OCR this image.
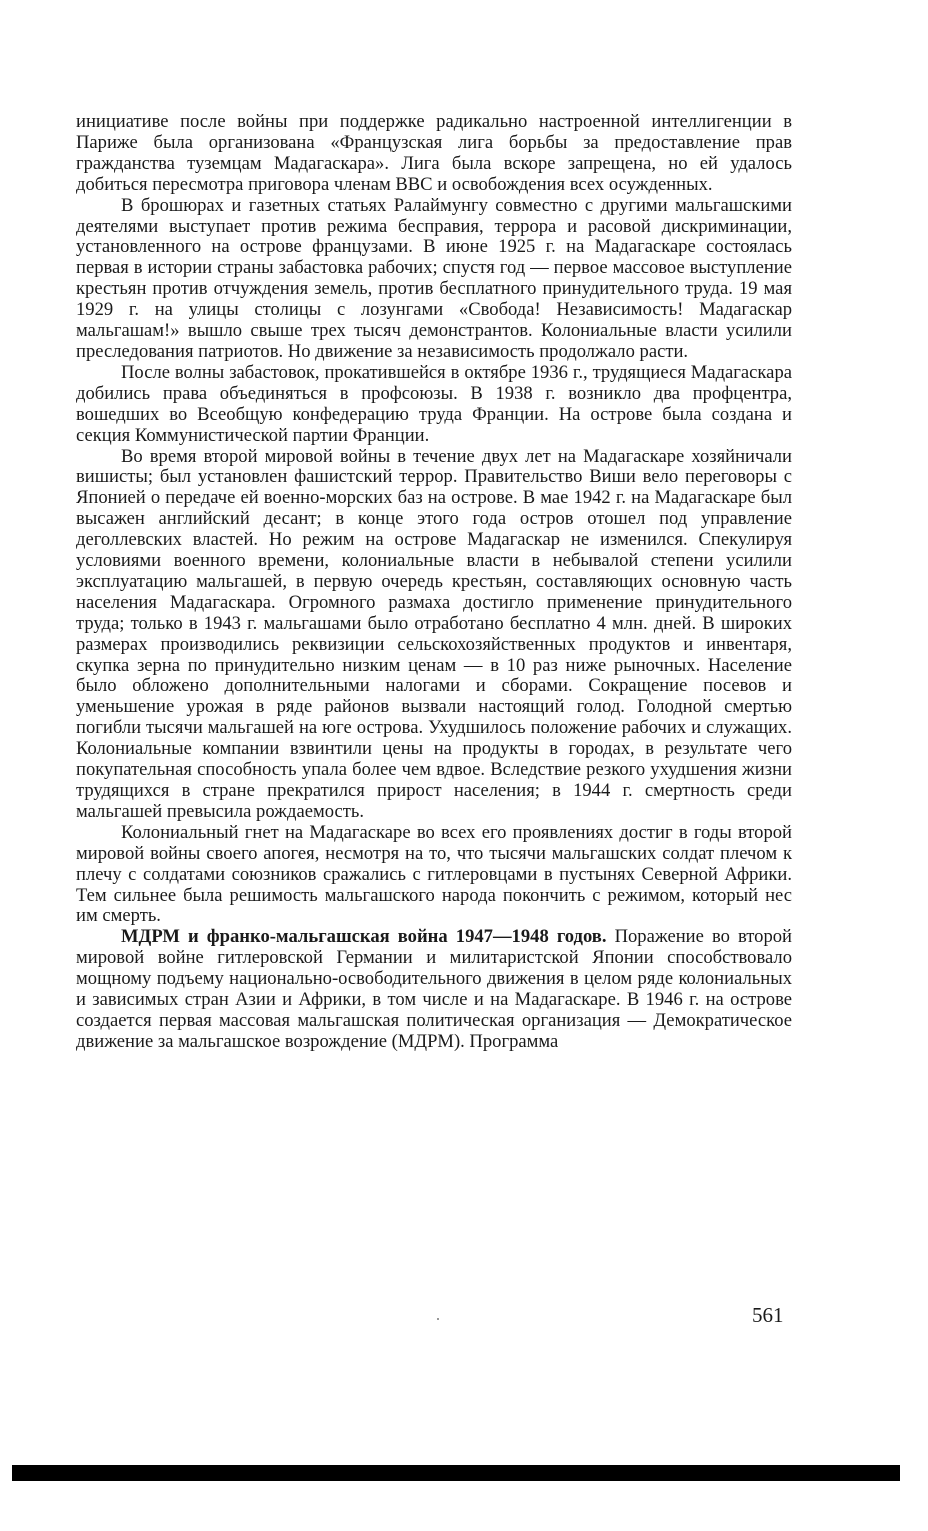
инициативе после войны при поддержке радикально настроенной интеллигенции в Париже была организована «Французская лига борьбы за предоставление прав гражданства туземцам Мадагаскара». Лига была вскоре запрещена, но ей удалось добиться пересмотра приговора членам ВВС и освобождения всех осужденных.

В брошюрах и газетных статьях Ралаймунгу совместно с другими мальгашскими деятелями выступает против режима бесправия, террора и расовой дискриминации, установленного на острове французами. В июне 1925 г. на Мадагаскаре состоялась первая в истории страны забастовка рабочих; спустя год — первое массовое выступление крестьян против отчуждения земель, против бесплатного принудительного труда. 19 мая 1929 г. на улицы столицы с лозунгами «Свобода! Независимость! Мадагаскар мальгашам!» вышло свыше трех тысяч демонстрантов. Колониальные власти усилили преследования патриотов. Но движение за независимость продолжало расти.

После волны забастовок, прокатившейся в октябре 1936 г., трудящиеся Мадагаскара добились права объединяться в профсоюзы. В 1938 г. возникло два профцентра, вошедших во Всеобщую конфедерацию труда Франции. На острове была создана и секция Коммунистической партии Франции.

Во время второй мировой войны в течение двух лет на Мадагаскаре хозяйничали вишисты; был установлен фашистский террор. Правительство Виши вело переговоры с Японией о передаче ей военно-морских баз на острове. В мае 1942 г. на Мадагаскаре был высажен английский десант; в конце этого года остров отошел под управление деголлевских властей. Но режим на острове Мадагаскар не изменился. Спекулируя условиями военного времени, колониальные власти в небывалой степени усилили эксплуатацию мальгашей, в первую очередь крестьян, составляющих основную часть населения Мадагаскара. Огромного размаха достигло применение принудительного труда; только в 1943 г. мальгашами было отработано бесплатно 4 млн. дней. В широких размерах производились реквизиции сельскохозяйственных продуктов и инвентаря, скупка зерна по принудительно низким ценам — в 10 раз ниже рыночных. Население было обложено дополнительными налогами и сборами. Сокращение посевов и уменьшение урожая в ряде районов вызвали настоящий голод. Голодной смертью погибли тысячи мальгашей на юге острова. Ухудшилось положение рабочих и служащих. Колониальные компании взвинтили цены на продукты в городах, в результате чего покупательная способность упала более чем вдвое. Вследствие резкого ухудшения жизни трудящихся в стране прекратился прирост населения; в 1944 г. смертность среди мальгашей превысила рождаемость.

Колониальный гнет на Мадагаскаре во всех его проявлениях достиг в годы второй мировой войны своего апогея, несмотря на то, что тысячи мальгашских солдат плечом к плечу с солдатами союзников сражались с гитлеровцами в пустынях Северной Африки. Тем сильнее была решимость мальгашского народа покончить с режимом, который нес им смерть.

МДРМ и франко-мальгашская война 1947—1948 годов. Поражение во второй мировой войне гитлеровской Германии и милитаристской Японии способствовало мощному подъему национально-освободительного движения в целом ряде колониальных и зависимых стран Азии и Африки, в том числе и на Мадагаскаре. В 1946 г. на острове создается первая массовая мальгашская политическая организация — Демократическое движение за мальгашское возрождение (МДРМ). Программа

561
